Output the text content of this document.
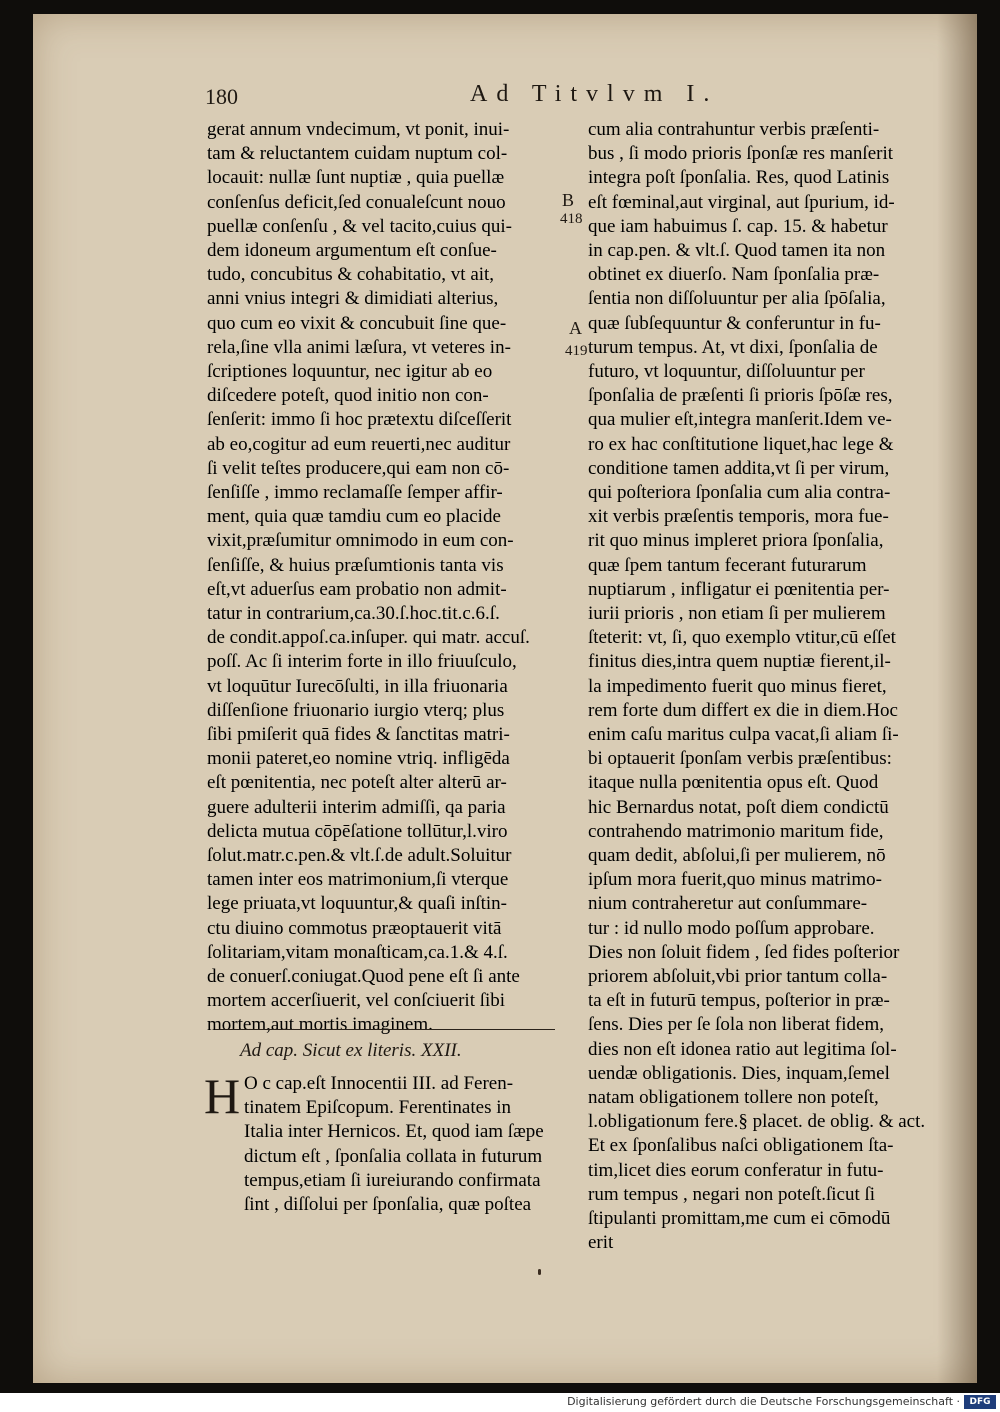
180	Ad Titvlvm I.
B
418
A
419
gerat annum vndecimum, vt ponit, inui-
tam & reluctantem cuidam nuptum col-
locauit: nullæ ſunt nuptiæ , quia puellæ
conſenſus deficit,ſed conualeſcunt nouo
puellæ conſenſu , & vel tacito,cuius qui-
dem idoneum argumentum eſt conſue-
tudo, concubitus & cohabitatio, vt ait,
anni vnius integri & dimidiati alterius,
quo cum eo vixit & concubuit ſine que-
rela,ſine vlla animi læſura, vt veteres in-
ſcriptiones loquuntur, nec igitur ab eo
diſcedere poteſt, quod initio non con-
ſenſerit: immo ſi hoc prætextu diſceſſerit
ab eo,cogitur ad eum reuerti,nec auditur
ſi velit teſtes producere,qui eam non cō-
ſenſiſſe , immo reclamaſſe ſemper affir-
ment, quia quæ tamdiu cum eo placide
vixit,præſumitur omnimodo in eum con-
ſenſiſſe, & huius præſumtionis tanta vis
eſt,vt aduerſus eam probatio non admit-
tatur in contrarium,ca.30.ſ.hoc.tit.c.6.ſ.
de condit.appoſ.ca.inſuper. qui matr. accuſ.
poſſ. Ac ſi interim forte in illo friuuſculo,
vt loquūtur Iurecōſulti, in illa friuonaria
diſſenſione friuonario iurgio vterq; plus
ſibi pmiſerit quā fides & ſanctitas matri-
monii pateret,eo nomine vtriq. infligēda
eſt pœnitentia, nec poteſt alter alterū ar-
guere adulterii interim admiſſi, qa paria
delicta mutua cōpēſatione tollūtur,l.viro
ſolut.matr.c.pen.& vlt.ſ.de adult.Soluitur
tamen inter eos matrimonium,ſi vterque
lege priuata,vt loquuntur,& quaſi inſtin-
ctu diuino commotus præoptauerit vitā
ſolitariam,vitam monaſticam,ca.1.& 4.ſ.
de conuerſ.coniugat.Quod pene eſt ſi ante
mortem accerſiuerit, vel conſciuerit ſibi
mortem,aut mortis imaginem.
Ad cap. Sicut ex literis. XXII.
H O c cap.eſt Innocentii III. ad Feren-
tinatem Epiſcopum. Ferentinates in
Italia inter Hernicos. Et, quod iam ſæpe
dictum eſt , ſponſalia collata in futurum
tempus,etiam ſi iureiurando confirmata
ſint , diſſolui per ſponſalia, quæ poſtea
cum alia contrahuntur verbis præſenti-
bus , ſi modo prioris ſponſæ res manſerit
integra poſt ſponſalia. Res, quod Latinis
eſt fœminal,aut virginal, aut ſpurium, id-
que iam habuimus ſ. cap. 15. & habetur
in cap.pen. & vlt.ſ. Quod tamen ita non
obtinet ex diuerſo. Nam ſponſalia præ-
ſentia non diſſoluuntur per alia ſpōſalia,
quæ ſubſequuntur & conferuntur in fu-
turum tempus. At, vt dixi, ſponſalia de
futuro, vt loquuntur, diſſoluuntur per
ſponſalia de præſenti ſi prioris ſpōſæ res,
qua mulier eſt,integra manſerit.Idem ve-
ro ex hac conſtitutione liquet,hac lege &
conditione tamen addita,vt ſi per virum,
qui poſteriora ſponſalia cum alia contra-
xit verbis præſentis temporis, mora fue-
rit quo minus impleret priora ſponſalia,
quæ ſpem tantum fecerant futurarum
nuptiarum , infligatur ei pœnitentia per-
iurii prioris , non etiam ſi per mulierem
ſteterit: vt, ſi, quo exemplo vtitur,cū eſſet
finitus dies,intra quem nuptiæ fierent,il-
la impedimento fuerit quo minus fieret,
rem forte dum differt ex die in diem.Hoc
enim caſu maritus culpa vacat,ſi aliam ſi-
bi optauerit ſponſam verbis præſentibus:
itaque nulla pœnitentia opus eſt. Quod
hic Bernardus notat, poſt diem condictū
contrahendo matrimonio maritum fide,
quam dedit, abſolui,ſi per mulierem, nō
ipſum mora fuerit,quo minus matrimo-
nium contraheretur aut conſummare-
tur : id nullo modo poſſum approbare.
Dies non ſoluit fidem , ſed fides poſterior
priorem abſoluit,vbi prior tantum colla-
ta eſt in futurū tempus, poſterior in præ-
ſens. Dies per ſe ſola non liberat fidem,
dies non eſt idonea ratio aut legitima ſol-
uendæ obligationis. Dies, inquam,ſemel
natam obligationem tollere non poteſt,
l.obligationum fere.§ placet. de oblig. & act.
Et ex ſponſalibus naſci obligationem ſta-
tim,licet dies eorum conferatur in futu-
rum tempus , negari non poteſt.ſicut ſi
ſtipulanti promittam,me cum ei cōmodū
erit
Digitalisierung gefördert durch die Deutsche Forschungsgemeinschaft ·	DFG
